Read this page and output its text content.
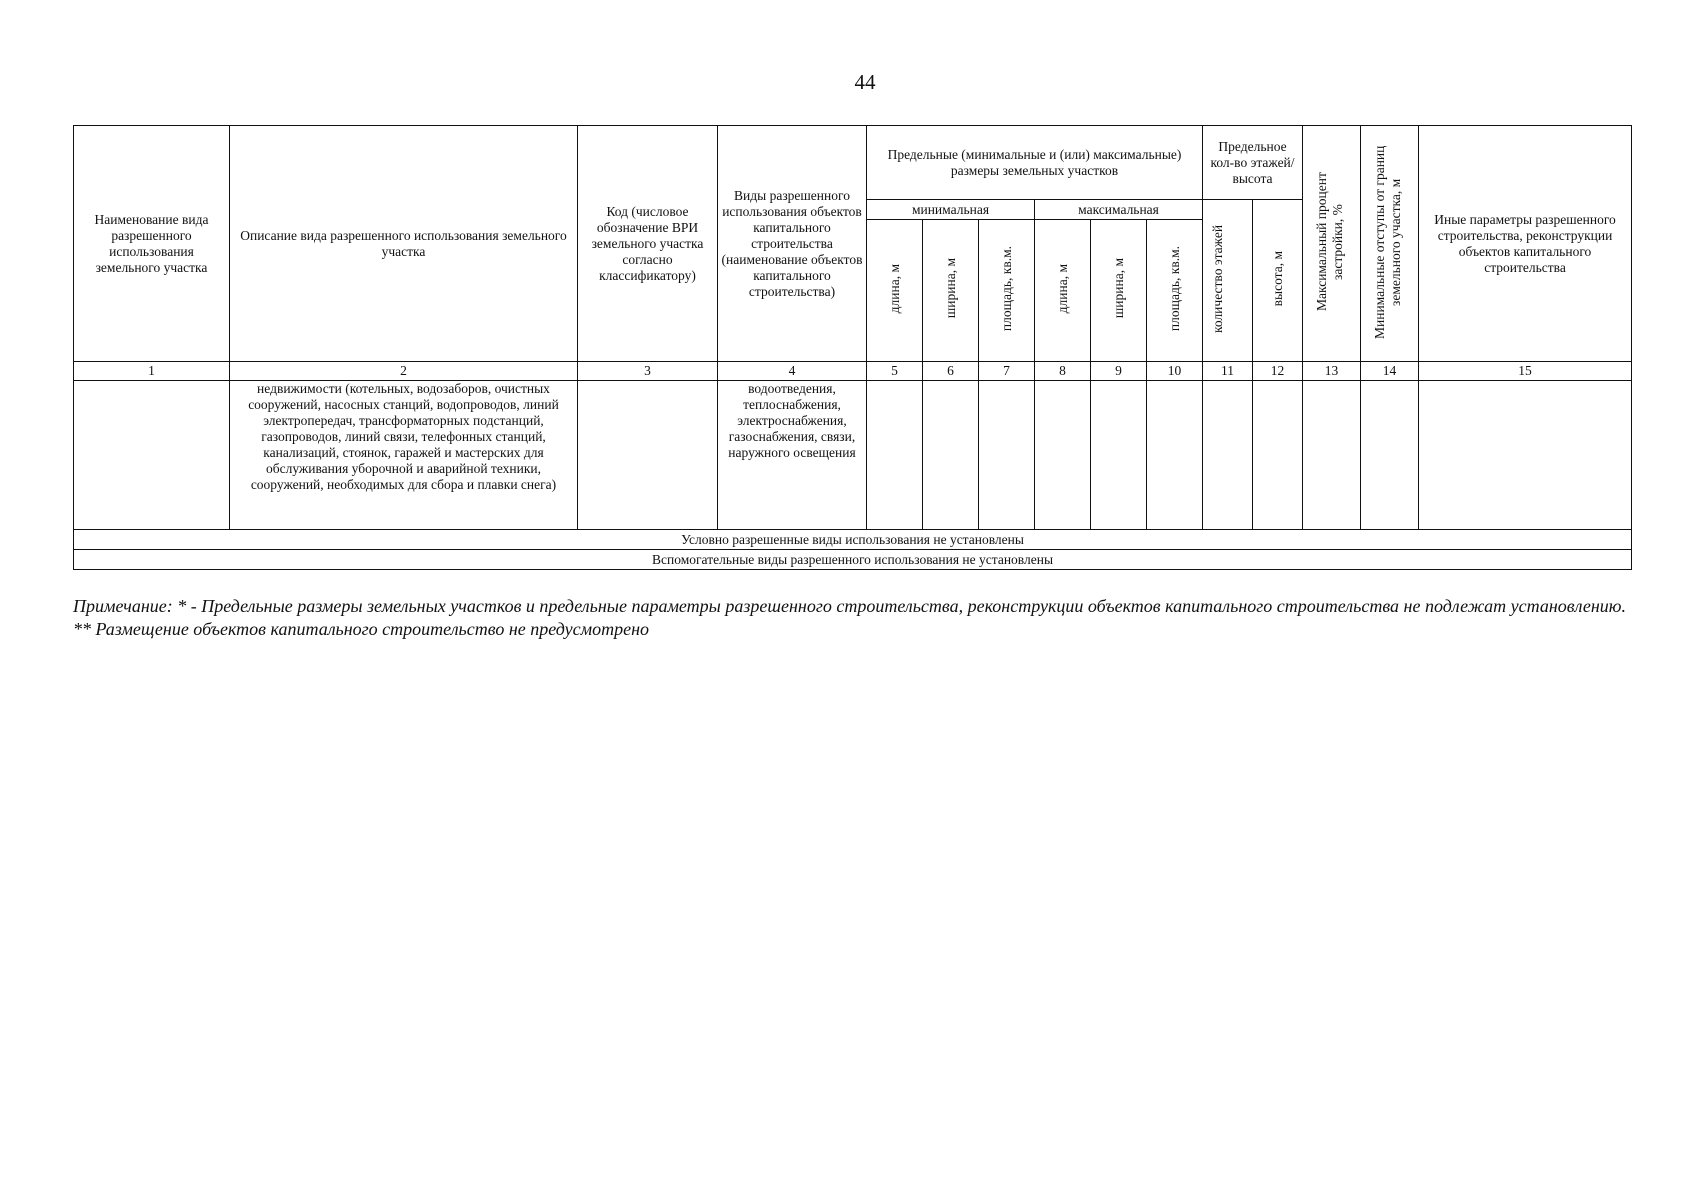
44
Наименование вида разрешенного использования земельного участка	Описание вида разрешенного использования земельного участка	Код (числовое обозначение ВРИ земельного участка согласно классификатору)	Виды разрешенного использования объектов капитального строительства (наименование объектов капитального строительства)	Предельные (минимальные и (или) максимальные) размеры земельных участков						Предельное кол-во этажей/ высота		Максимальный процент застройки, %	Минимальные отступы от границ земельного участка, м	Иные параметры разрешенного строительства, реконструкции объектов капитального строительства
				минимальная			максимальная			количество этажей	высота, м			
				длина, м	ширина, м	площадь, кв.м.	длина, м	ширина, м	площадь, кв.м.					
1	2	3	4	5	6	7	8	9	10	11	12	13	14	15
	недвижимости (котельных, водозаборов, очистных сооружений, насосных станций, водопроводов, линий электропередач, трансформаторных подстанций, газопроводов, линий связи, телефонных станций, канализаций, стоянок, гаражей и мастерских для обслуживания уборочной и аварийной техники, сооружений, необходимых для сбора и плавки снега)		водоотведения, теплоснабжения, электроснабжения, газоснабжения, связи, наружного освещения											
Условно разрешенные виды использования не установлены														
Вспомогательные виды разрешенного использования не установлены														

Примечание: * - Предельные размеры земельных участков и предельные параметры разрешенного строительства, реконструкции объектов капитального строительства не подлежат установлению.

** Размещение объектов капитального строительство не предусмотрено
